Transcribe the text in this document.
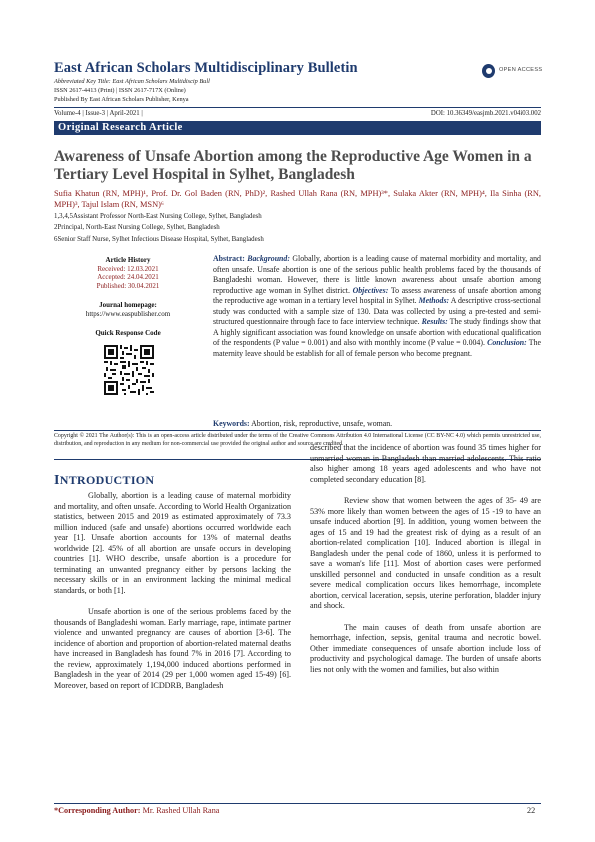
East African Scholars Multidisciplinary Bulletin
Abbreviated Key Title: East African Scholars Multidiscip Bull
ISSN 2617-4413 (Print) | ISSN 2617-717X (Online)
Published By East African Scholars Publisher, Kenya
OPEN ACCESS
Volume-4 | Issue-3 | April-2021 |	DOI: 10.36349/easjmb.2021.v04i03.002
Original Research Article
Awareness of Unsafe Abortion among the Reproductive Age Women in a Tertiary Level Hospital in Sylhet, Bangladesh
Sufia Khatun (RN, MPH)¹, Prof. Dr. Gol Baden (RN, PhD)², Rashed Ullah Rana (RN, MPH)³*, Sulaka Akter (RN, MPH)⁴, Ila Sinha (RN, MPH)³, Tajul Islam (RN, MSN)⁶
1,3,4,5Assistant Professor North-East Nursing College, Sylhet, Bangladesh
2Principal, North-East Nursing College, Sylhet, Bangladesh
6Senior Staff Nurse, Sylhet Infectious Disease Hospital, Sylhet, Bangladesh
Article History
Received: 12.03.2021
Accepted: 24.04.2021
Published: 30.04.2021
Journal homepage:
https://www.easpublisher.com
Quick Response Code
Abstract: Background: Globally, abortion is a leading cause of maternal morbidity and mortality, and often unsafe. Unsafe abortion is one of the serious public health problems faced by the thousands of Bangladeshi woman. However, there is little known awareness about unsafe abortion among reproductive age woman in Sylhet district. Objectives: To assess awareness of unsafe abortion among the reproductive age woman in a tertiary level hospital in Sylhet. Methods: A descriptive cross-sectional study was conducted with a sample size of 130. Data was collected by using a pre-tested and semi-structured questionnaire through face to face interview technique. Results: The study findings show that A highly significant association was found knowledge on unsafe abortion with educational qualification of the respondents (P value = 0.001) and also with monthly income (P value = 0.004). Conclusion: The maternity leave should be establish for all of female person who become pregnant.
Keywords: Abortion, risk, reproductive, unsafe, woman.
Copyright © 2021 The Author(s): This is an open-access article distributed under the terms of the Creative Commons Attribution 4.0 International License (CC BY-NC 4.0) which permits unrestricted use, distribution, and reproduction in any medium for non-commercial use provided the original author and source are credited.
INTRODUCTION

Globally, abortion is a leading cause of maternal morbidity and mortality, and often unsafe. According to World Health Organization statistics, between 2015 and 2019 as estimated approximately of 73.3 million induced (safe and unsafe) abortions occurred worldwide each year [1]. Unsafe abortion accounts for 13% of maternal deaths worldwide [2]. 45% of all abortion are unsafe occurs in developing countries [1]. WHO describe, unsafe abortion is a procedure for terminating an unwanted pregnancy either by persons lacking the necessary skills or in an environment lacking the minimal medical standards, or both [1].

Unsafe abortion is one of the serious problems faced by the thousands of Bangladeshi woman. Early marriage, rape, intimate partner violence and unwanted pregnancy are causes of abortion [3-6]. The incidence of abortion and proportion of abortion-related maternal deaths have increased in Bangladesh has found 7% in 2016 [7]. According to the review, approximately 1,194,000 induced abortions performed in Bangladesh in the year of 2014 (29 per 1,000 women aged 15-49) [6]. Moreover, based on report of ICDDRB, Bangladesh

described that the incidence of abortion was found 35 times higher for unmarried woman in Bangladesh than married adolescents. This ratio also higher among 18 years aged adolescents and who have not completed secondary education [8].

Review show that women between the ages of 35- 49 are 53% more likely than women between the ages of 15 -19 to have an unsafe induced abortion [9]. In addition, young women between the ages of 15 and 19 had the greatest risk of dying as a result of an abortion-related complication [10]. Induced abortion is illegal in Bangladesh under the penal code of 1860, unless it is performed to save a woman's life [11]. Most of abortion cases were performed unskilled personnel and conducted in unsafe condition as a result severe medical complication occurs likes hemorrhage, incomplete abortion, cervical laceration, sepsis, uterine perforation, bladder injury and shock.

The main causes of death from unsafe abortion are hemorrhage, infection, sepsis, genital trauma and necrotic bowel. Other immediate consequences of unsafe abortion include loss of productivity and psychological damage. The burden of unsafe aborts lies not only with the women and families, but also within

*Corresponding Author: Mr. Rashed Ullah Rana	22
